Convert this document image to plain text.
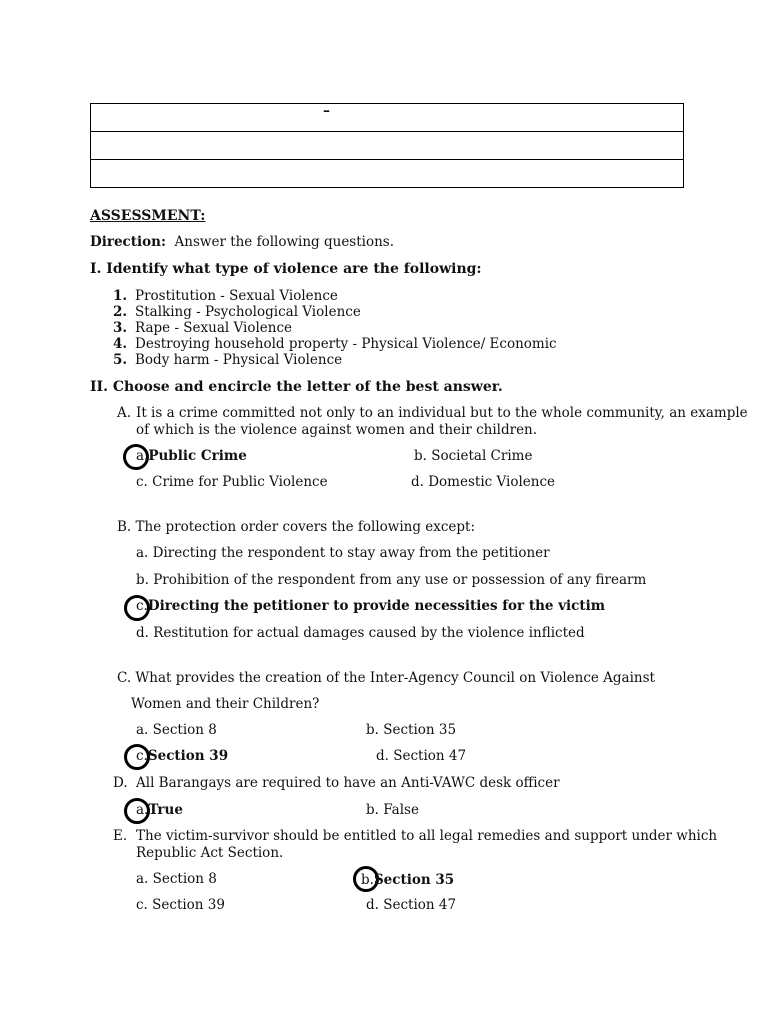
–
ASSESSMENT:
Direction: Answer the following questions.
I. Identify what type of violence are the following:
1. Prostitution - Sexual Violence
2. Stalking - Psychological Violence
3. Rape - Sexual Violence
4. Destroying household property - Physical Violence/ Economic
5. Body harm - Physical Violence
II. Choose and encircle the letter of the best answer.
A. It is a crime committed not only to an individual but to the whole community, an example
of which is the violence against women and their children.
a.Public Crime	b. Societal Crime
c. Crime for Public Violence	d. Domestic Violence
B. The protection order covers the following except:
a. Directing the respondent to stay away from the petitioner
b. Prohibition of the respondent from any use or possession of any firearm
c.Directing the petitioner to provide necessities for the victim
d. Restitution for actual damages caused by the violence inflicted
C. What provides the creation of the Inter-Agency Council on Violence Against
Women and their Children?
a. Section 8	b. Section 35
c.Section 39	d. Section 47
D. All Barangays are required to have an Anti-VAWC desk officer
a.True	b. False
E. The victim-survivor should be entitled to all legal remedies and support under which
Republic Act Section.
a. Section 8	b.Section 35
c. Section 39	d. Section 47
